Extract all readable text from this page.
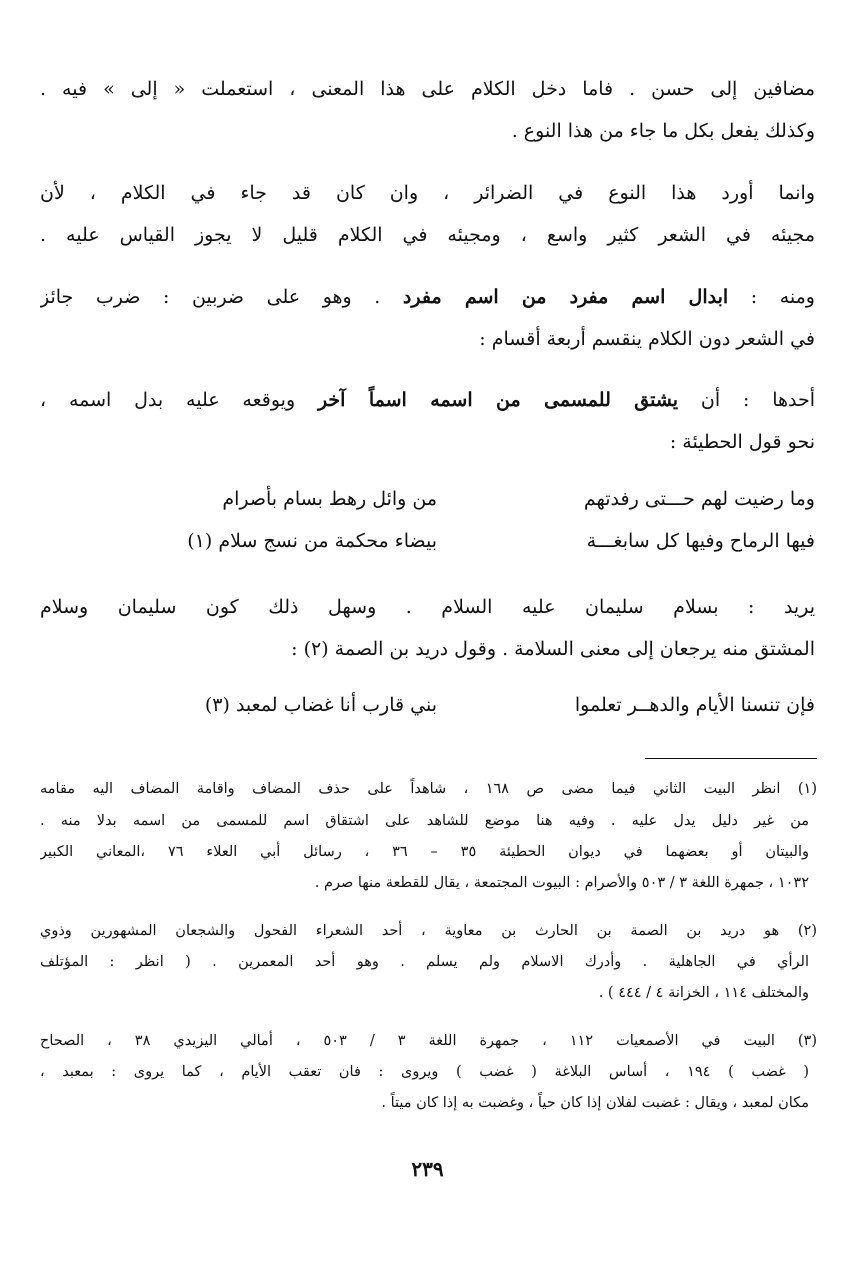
مضافين إلى حسن . فاما دخل الكلام على هذا المعنى ، استعملت « إلى » فيه .
وكذلك يفعل بكل ما جاء من هذا النوع .
وانما أورد هذا النوع في الضرائر ، وان كان قد جاء في الكلام ، لأن
مجيئه في الشعر كثير واسع ، ومجيئه في الكلام قليل لا يجوز القياس عليه .
ومنه : ابدال اسم مفرد من اسم مفرد . وهو على ضربين : ضرب جائز
في الشعر دون الكلام ينقسم أربعة أقسام :
أحدها : أن يشتق للمسمى من اسمه اسماً آخر ويوقعه عليه بدل اسمه ،
نحو قول الحطيئة :
وما رضيت لهم حـــتى رفدتهم
من وائل رهط بسام بأصرام
فيها الرماح وفيها كل سابغـــة
بيضاء محكمة من نسج سلام (١)
يريد : بسلام سليمان عليه السلام . وسهل ذلك كون سليمان وسلام
المشتق منه يرجعان إلى معنى السلامة . وقول دريد بن الصمة (٢) :
فإن تنسنا الأيام والدهــر تعلموا
بني قارب أنا غضاب لمعبد (٣)
(١) انظر البيت الثاني فيما مضى ص ١٦٨ ، شاهداً على حذف المضاف واقامة المضاف اليه مقامه
من غير دليل يدل عليه . وفيه هنا موضع للشاهد على اشتقاق اسم للمسمى من اسمه بدلا منه .
والبيتان أو بعضهما في ديوان الحطيئة ٣٥ – ٣٦ ، رسائل أبي العلاء ٧٦ ،المعاني الكبير
١٠٣٢ ، جمهرة اللغة ٣ / ٥٠٣ والأصرام : البيوت المجتمعة ، يقال للقطعة منها صرم .
(٢) هو دريد بن الصمة بن الحارث بن معاوية ، أحد الشعراء الفحول والشجعان المشهورين وذوي
الرأي في الجاهلية . وأدرك الاسلام ولم يسلم . وهو أحد المعمرين . ( انظر : المؤتلف
والمختلف ١١٤ ، الخزانة ٤ / ٤٤٤ ) .
(٣) البيت في الأصمعيات ١١٢ ، جمهرة اللغة ٣ / ٥٠٣ ، أمالي اليزيدي ٣٨ ، الصحاح
( غضب ) ١٩٤ ، أساس البلاغة ( غضب ) ويروى : فان تعقب الأيام ، كما يروى : بمعبد ،
مكان لمعبد ، ويقال : غضبت لفلان إذا كان حياً ، وغضبت به إذا كان ميتاً .
٢٣٩
